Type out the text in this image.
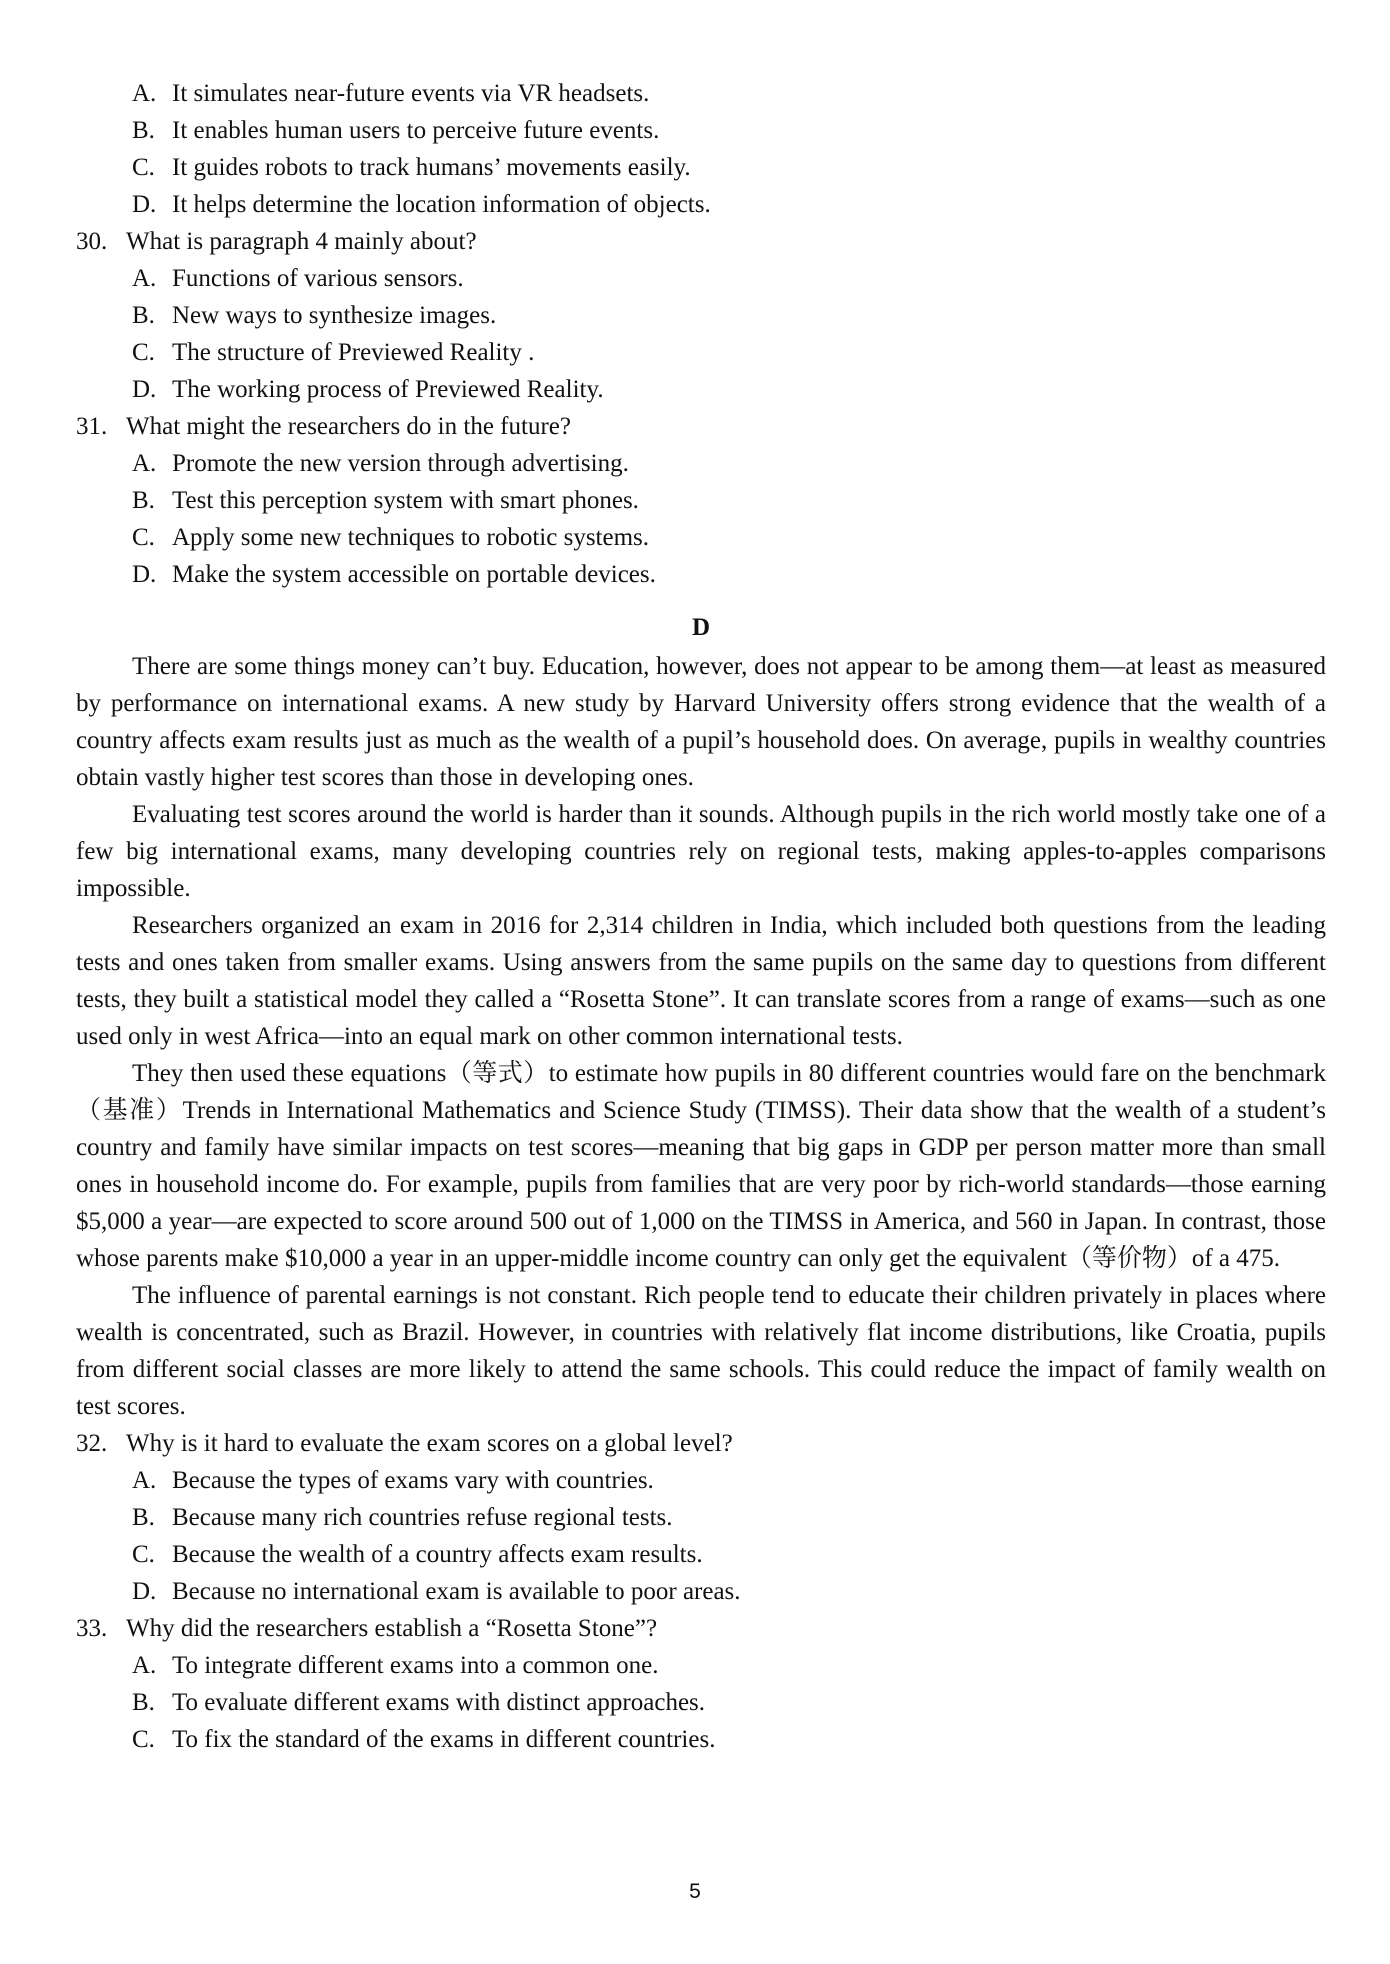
A. It simulates near-future events via VR headsets.
B. It enables human users to perceive future events.
C. It guides robots to track humans’ movements easily.
D. It helps determine the location information of objects.
30. What is paragraph 4 mainly about?
A. Functions of various sensors.
B. New ways to synthesize images.
C. The structure of Previewed Reality .
D. The working process of Previewed Reality.
31. What might the researchers do in the future?
A. Promote the new version through advertising.
B. Test this perception system with smart phones.
C. Apply some new techniques to robotic systems.
D. Make the system accessible on portable devices.
D

There are some things money can’t buy. Education, however, does not appear to be among them—at least as measured by performance on international exams. A new study by Harvard University offers strong evidence that the wealth of a country affects exam results just as much as the wealth of a pupil’s household does. On average, pupils in wealthy countries obtain vastly higher test scores than those in developing ones.

Evaluating test scores around the world is harder than it sounds. Although pupils in the rich world mostly take one of a few big international exams, many developing countries rely on regional tests, making apples-to-apples comparisons impossible.

Researchers organized an exam in 2016 for 2,314 children in India, which included both questions from the leading tests and ones taken from smaller exams. Using answers from the same pupils on the same day to questions from different tests, they built a statistical model they called a “Rosetta Stone”. It can translate scores from a range of exams—such as one used only in west Africa—into an equal mark on other common international tests.

They then used these equations（等式）to estimate how pupils in 80 different countries would fare on the benchmark（基准）Trends in International Mathematics and Science Study (TIMSS). Their data show that the wealth of a student’s country and family have similar impacts on test scores—meaning that big gaps in GDP per person matter more than small ones in household income do. For example, pupils from families that are very poor by rich-world standards—those earning $5,000 a year—are expected to score around 500 out of 1,000 on the TIMSS in America, and 560 in Japan. In contrast, those whose parents make $10,000 a year in an upper-middle income country can only get the equivalent（等价物）of a 475.

The influence of parental earnings is not constant. Rich people tend to educate their children privately in places where wealth is concentrated, such as Brazil. However, in countries with relatively flat income distributions, like Croatia, pupils from different social classes are more likely to attend the same schools. This could reduce the impact of family wealth on test scores.

32. Why is it hard to evaluate the exam scores on a global level?
A. Because the types of exams vary with countries.
B. Because many rich countries refuse regional tests.
C. Because the wealth of a country affects exam results.
D. Because no international exam is available to poor areas.
33. Why did the researchers establish a “Rosetta Stone”?
A. To integrate different exams into a common one.
B. To evaluate different exams with distinct approaches.
C. To fix the standard of the exams in different countries.
5
